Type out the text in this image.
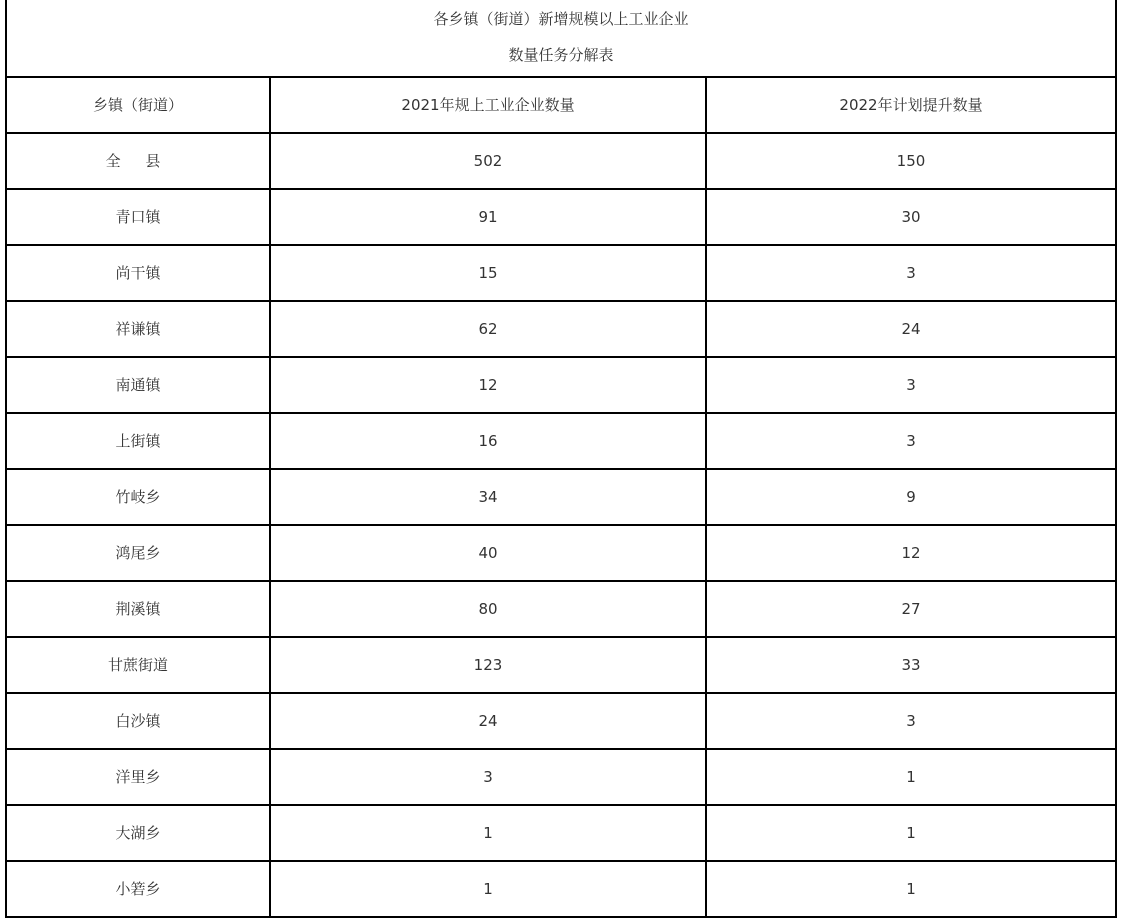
各乡镇（街道）新增规模以上工业企业
数量任务分解表		

乡镇（街道）	2021年规上工业企业数量	2022年计划提升数量
全 县	502	150
青口镇	91	30
尚干镇	15	3
祥谦镇	62	24
南通镇	12	3
上街镇	16	3
竹岐乡	34	9
鸿尾乡	40	12
荆溪镇	80	27
甘蔗街道	123	33
白沙镇	24	3
洋里乡	3	1
大湖乡	1	1
小箬乡	1	1
